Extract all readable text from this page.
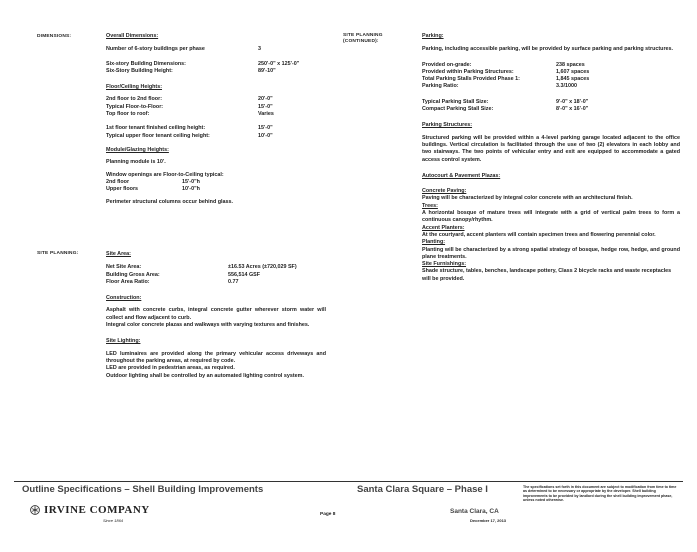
DIMENSIONS:	Overall Dimensions:
Number of 6-story buildings per phase	3
Six-story Building Dimensions:	250'-0" x 125'-0"
Six-Story Building Height:	89'-10"
Floor/Ceiling Heights:
2nd floor to 2nd floor:	20'-0"
Typical Floor-to-Floor:	15'-0"
Top floor to roof:	Varies
1st floor tenant finished ceiling height:	15'-0"
Typical upper floor tenant ceiling height:	10'-0"
Module/Glazing Heights:
Planning module is 10'.
Window openings are Floor-to-Ceiling typical:
2nd floor	15'-0"h
Upper floors	10'-0"h
Perimeter structural columns occur behind glass.
SITE PLANNING:	Site Area:
Net Site Area:	±16.53 Acres (±720,029 SF)
Building Gross Area:	556,514 GSF
Floor Area Ratio:	0.77
Construction:

Asphalt with concrete curbs, integral concrete gutter wherever storm water will collect and flow adjacent to curb.

Integral color concrete plazas and walkways with varying textures and finishes.

Site Lighting:

LED luminaires are provided along the primary vehicular access driveways and throughout the parking areas, at required by code.

LED are provided in pedestrian areas, as required.

Outdoor lighting shall be controlled by an automated lighting control system.

SITE PLANNING (CONTINUED):
Parking:

Parking, including accessible parking, will be provided by surface parking and parking structures.

Provided on-grade:	238 spaces
Provided within Parking Structures:	1,607 spaces
Total Parking Stalls Provided Phase 1:	1,845 spaces
Parking Ratio:	3.3/1000
Typical Parking Stall Size:	9'-0" x 18'-0"
Compact Parking Stall Size:	8'-0" x 16'-0"
Parking Structures:

Structured parking will be provided within a 4-level parking garage located adjacent to the office buildings. Vertical circulation is facilitated through the use of two (2) elevators in each lobby and two stairways. The two points of vehicular entry and exit are equipped to accommodate a gated access control system.

Autocourt & Pavement Plazas:
Concrete Paving:

Paving will be characterized by integral color concrete with an architectural finish.

Trees:

A horizontal bosque of mature trees will integrate with a grid of vertical palm trees to form a continuous canopy/rhythm.

Accent Planters:

At the courtyard, accent planters will contain specimen trees and flowering perennial color.

Planting:

Planting will be characterized by a strong spatial strategy of bosque, hedge row, hedge, and ground plane treatments.

Site Furnishings:

Shade structure, tables, benches, landscape pottery, Class 2 bicycle racks and waste receptacles will be provided.

Outline Specifications – Shell Building Improvements	Santa Clara Square – Phase I
IRVINE COMPANY
Since 1864
Page 8	Santa Clara, CA
December 17, 2013
The specifications set forth in this document are subject to modification from time to time as determined to be necessary or appropriate by the developer. Shell building improvements to be provided by landlord during the shell building improvement phase, unless noted otherwise.
